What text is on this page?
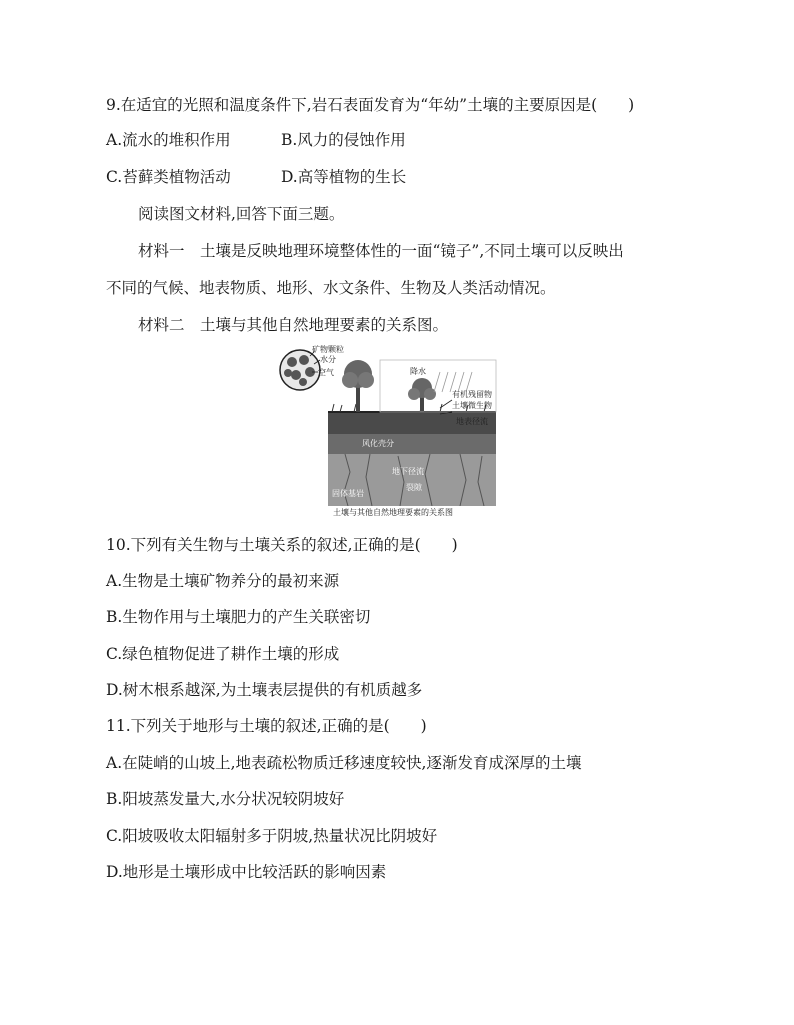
9.在适宜的光照和温度条件下,岩石表面发育为“年幼”土壤的主要原因是(　　)
A.流水的堆积作用	B.风力的侵蚀作用
C.苔藓类植物活动	D.高等植物的生长
阅读图文材料,回答下面三题。
材料一　土壤是反映地理环境整体性的一面“镜子”,不同土壤可以反映出
不同的气候、地表物质、地形、水文条件、生物及人类活动情况。
材料二　土壤与其他自然地理要素的关系图。
矿物颗粒
水分
空气	降水
有机残留物
土壤微生物
地表径流
风化壳分
地下径流
裂隙
固体基岩
土壤与其他自然地理要素的关系图
10.下列有关生物与土壤关系的叙述,正确的是(　　)
A.生物是土壤矿物养分的最初来源
B.生物作用与土壤肥力的产生关联密切
C.绿色植物促进了耕作土壤的形成
D.树木根系越深,为土壤表层提供的有机质越多
11.下列关于地形与土壤的叙述,正确的是(　　)
A.在陡峭的山坡上,地表疏松物质迁移速度较快,逐渐发育成深厚的土壤
B.阳坡蒸发量大,水分状况较阴坡好
C.阳坡吸收太阳辐射多于阴坡,热量状况比阴坡好
D.地形是土壤形成中比较活跃的影响因素
